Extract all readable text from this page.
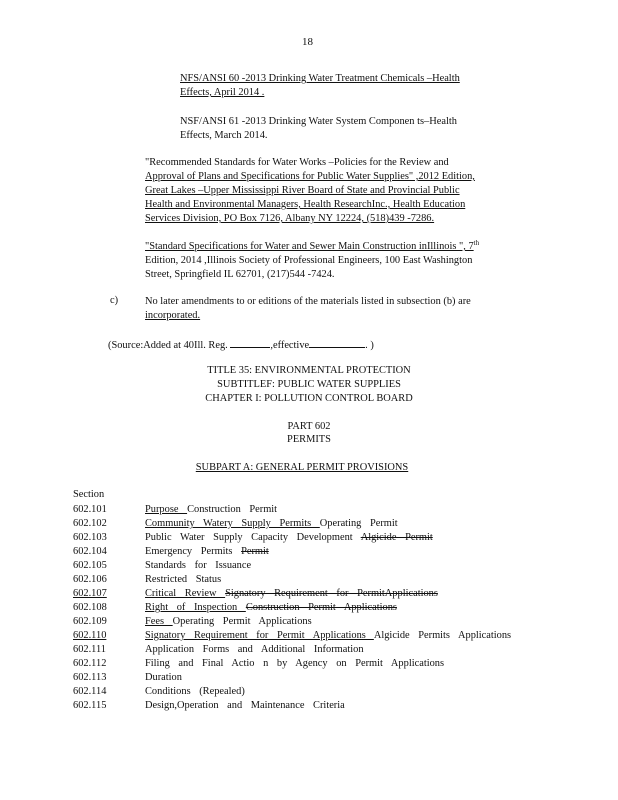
18
NFS/ANSI 60 -2013 Drinking Water Treatment Chemicals –Health
Effects, April 2014 .
NSF/ANSI 61 -2013 Drinking Water System Componen ts–Health
Effects, March 2014.
"Recommended Standards for Water Works –Policies for the Review and
Approval of Plans and Specifications for Public Water Supplies" ,2012 Edition,
Great Lakes –Upper Mississippi River Board of State and Provincial Public
Health and Environmental Managers, Health ResearchInc., Health Education
Services Division, PO Box 7126, Albany NY 12224, (518)439 -7286.
"Standard Specifications for Water and Sewer Main Construction inIllinois ", 7th
Edition, 2014 ,Illinois Society of Professional Engineers, 100 East Washington
Street, Springfield IL 62701, (217)544 -7424.
c)	No later amendments to or editions of the materials listed in subsection (b) are
incorporated.
(Source:Added at 40Ill. Reg.	,effective	. )
TITLE 35: ENVIRONMENTAL PROTECTION
SUBTITLEF: PUBLIC WATER SUPPLIES
CHAPTER I: POLLUTION CONTROL BOARD
PART 602
PERMITS
SUBPART A: GENERAL PERMIT PROVISIONS
Section
602.101	Purpose Construction Permit
602.102	Community Watery Supply Permits Operating Permit
602.103	Public Water Supply Capacity Development Algicide Permit
602.104	Emergency Permits Permit
602.105	Standards for Issuance
602.106	Restricted Status
602.107	Critical Review Signatory Requirement for PermitApplications
602.108	Right of Inspection Construction Permit Applications
602.109	Fees Operating Permit Applications
602.110	Signatory Requirement for Permit Applications Algicide Permits Applications
602.111	Application Forms and Additional Information
602.112	Filing and Final Actio n by Agency on Permit Applications
602.113	Duration
602.114	Conditions (Repealed)
602.115	Design,Operation and Maintenance Criteria
